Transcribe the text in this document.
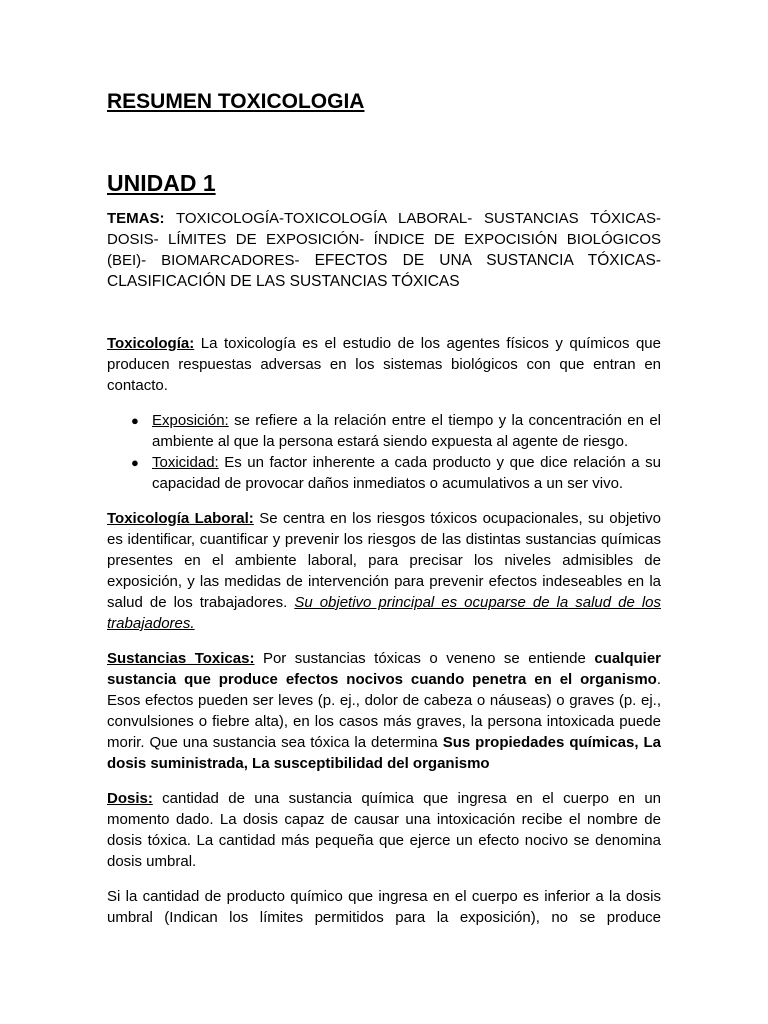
RESUMEN TOXICOLOGIA
UNIDAD 1

TEMAS: TOXICOLOGÍA-TOXICOLOGÍA LABORAL- SUSTANCIAS TÓXICAS-DOSIS- LÍMITES DE EXPOSICIÓN- ÍNDICE DE EXPOCISIÓN BIOLÓGICOS (BEI)- BIOMARCADORES- EFECTOS DE UNA SUSTANCIA TÓXICAS- CLASIFICACIÓN DE LAS SUSTANCIAS TÓXICAS

Toxicología: La toxicología es el estudio de los agentes físicos y químicos que producen respuestas adversas en los sistemas biológicos con que entran en contacto.

● Exposición: se refiere a la relación entre el tiempo y la concentración en el ambiente al que la persona estará siendo expuesta al agente de riesgo.
● Toxicidad: Es un factor inherente a cada producto y que dice relación a su capacidad de provocar daños inmediatos o acumulativos a un ser vivo.

Toxicología Laboral: Se centra en los riesgos tóxicos ocupacionales, su objetivo es identificar, cuantificar y prevenir los riesgos de las distintas sustancias químicas presentes en el ambiente laboral, para precisar los niveles admisibles de exposición, y las medidas de intervención para prevenir efectos indeseables en la salud de los trabajadores. Su objetivo principal es ocuparse de la salud de los trabajadores.

Sustancias Toxicas: Por sustancias tóxicas o veneno se entiende cualquier sustancia que produce efectos nocivos cuando penetra en el organismo. Esos efectos pueden ser leves (p. ej., dolor de cabeza o náuseas) o graves (p. ej., convulsiones o fiebre alta), en los casos más graves, la persona intoxicada puede morir. Que una sustancia sea tóxica la determina Sus propiedades químicas, La dosis suministrada, La susceptibilidad del organismo

Dosis: cantidad de una sustancia química que ingresa en el cuerpo en un momento dado. La dosis capaz de causar una intoxicación recibe el nombre de dosis tóxica. La cantidad más pequeña que ejerce un efecto nocivo se denomina dosis umbral.

Si la cantidad de producto químico que ingresa en el cuerpo es inferior a la dosis umbral (Indican los límites permitidos para la exposición), no se produce
